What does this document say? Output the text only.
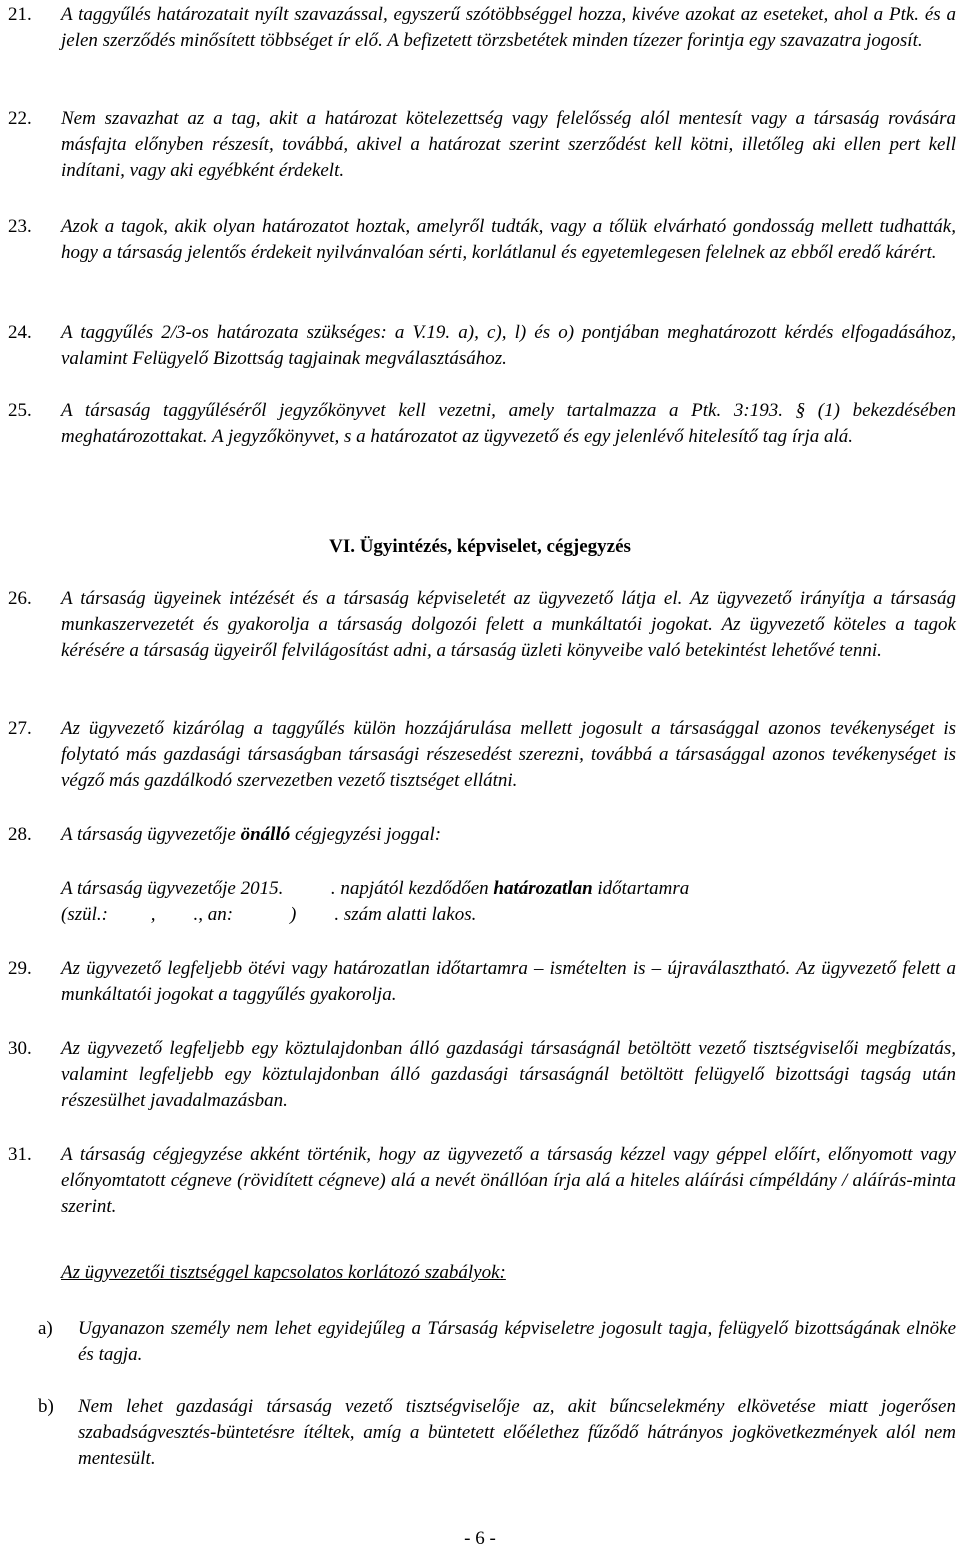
21.	A taggyűlés határozatait nyílt szavazással, egyszerű szótöbbséggel hozza, kivéve azokat az eseteket, ahol a Ptk. és a jelen szerződés minősített többséget ír elő. A befizetett törzsbetétek minden tízezer forintja egy szavazatra jogosít.
22.	Nem szavazhat az a tag, akit a határozat kötelezettség vagy felelősség alól mentesít vagy a társaság rovására másfajta előnyben részesít, továbbá, akivel a határozat szerint szerződést kell kötni, illetőleg aki ellen pert kell indítani, vagy aki egyébként érdekelt.
23.	Azok a tagok, akik olyan határozatot hoztak, amelyről tudták, vagy a tőlük elvárható gondosság mellett tudhatták, hogy a társaság jelentős érdekeit nyilvánvalóan sérti, korlátlanul és egyetemlegesen felelnek az ebből eredő kárért.
24.	A taggyűlés 2/3-os határozata szükséges: a V.19. a), c), l) és o) pontjában meghatározott kérdés elfogadásához, valamint Felügyelő Bizottság tagjainak megválasztásához.
25.	A társaság taggyűléséről jegyzőkönyvet kell vezetni, amely tartalmazza a Ptk. 3:193. § (1) bekezdésében meghatározottakat. A jegyzőkönyvet, s a határozatot az ügyvezető és egy jelenlévő hitelesítő tag írja alá.
VI. Ügyintézés, képviselet, cégjegyzés
26.	A társaság ügyeinek intézését és a társaság képviseletét az ügyvezető látja el. Az ügyvezető irányítja a társaság munkaszervezetét és gyakorolja a társaság dolgozói felett a munkáltatói jogokat. Az ügyvezető köteles a tagok kérésére a társaság ügyeiről felvilágosítást adni, a társaság üzleti könyveibe való betekintést lehetővé tenni.
27.	Az ügyvezető kizárólag a taggyűlés külön hozzájárulása mellett jogosult a társasággal azonos tevékenységet is folytató más gazdasági társaságban társasági részesedést szerezni, továbbá a társasággal azonos tevékenységet is végző más gazdálkodó szervezetben vezető tisztséget ellátni.
28.	A társaság ügyvezetője önálló cégjegyzési joggal:
A társaság ügyvezetője 2015.          . napjától kezdődően határozatlan időtartamra
(szül.:         ,        ., an:            )        . szám alatti lakos.
29.	Az ügyvezető legfeljebb ötévi vagy határozatlan időtartamra – ismételten is – újraválasztható. Az ügyvezető felett a munkáltatói jogokat a taggyűlés gyakorolja.
30.	Az ügyvezető legfeljebb egy köztulajdonban álló gazdasági társaságnál betöltött vezető tisztségviselői megbízatás, valamint legfeljebb egy köztulajdonban álló gazdasági társaságnál betöltött felügyelő bizottsági tagság után részesülhet javadalmazásban.
31.	A társaság cégjegyzése akként történik, hogy az ügyvezető a társaság kézzel vagy géppel előírt, előnyomott vagy előnyomtatott cégneve (rövidített cégneve) alá a nevét önállóan írja alá a hiteles aláírási címpéldány / aláírás-minta szerint.
Az ügyvezetői tisztséggel kapcsolatos korlátozó szabályok:
a)	Ugyanazon személy nem lehet egyidejűleg a Társaság képviseletre jogosult tagja, felügyelő bizottságának elnöke és tagja.
b)	Nem lehet gazdasági társaság vezető tisztségviselője az, akit bűncselekmény elkövetése miatt jogerősen szabadságvesztés-büntetésre ítéltek, amíg a büntetett előélethez fűződő hátrányos jogkövetkezmények alól nem mentesült.
- 6 -
